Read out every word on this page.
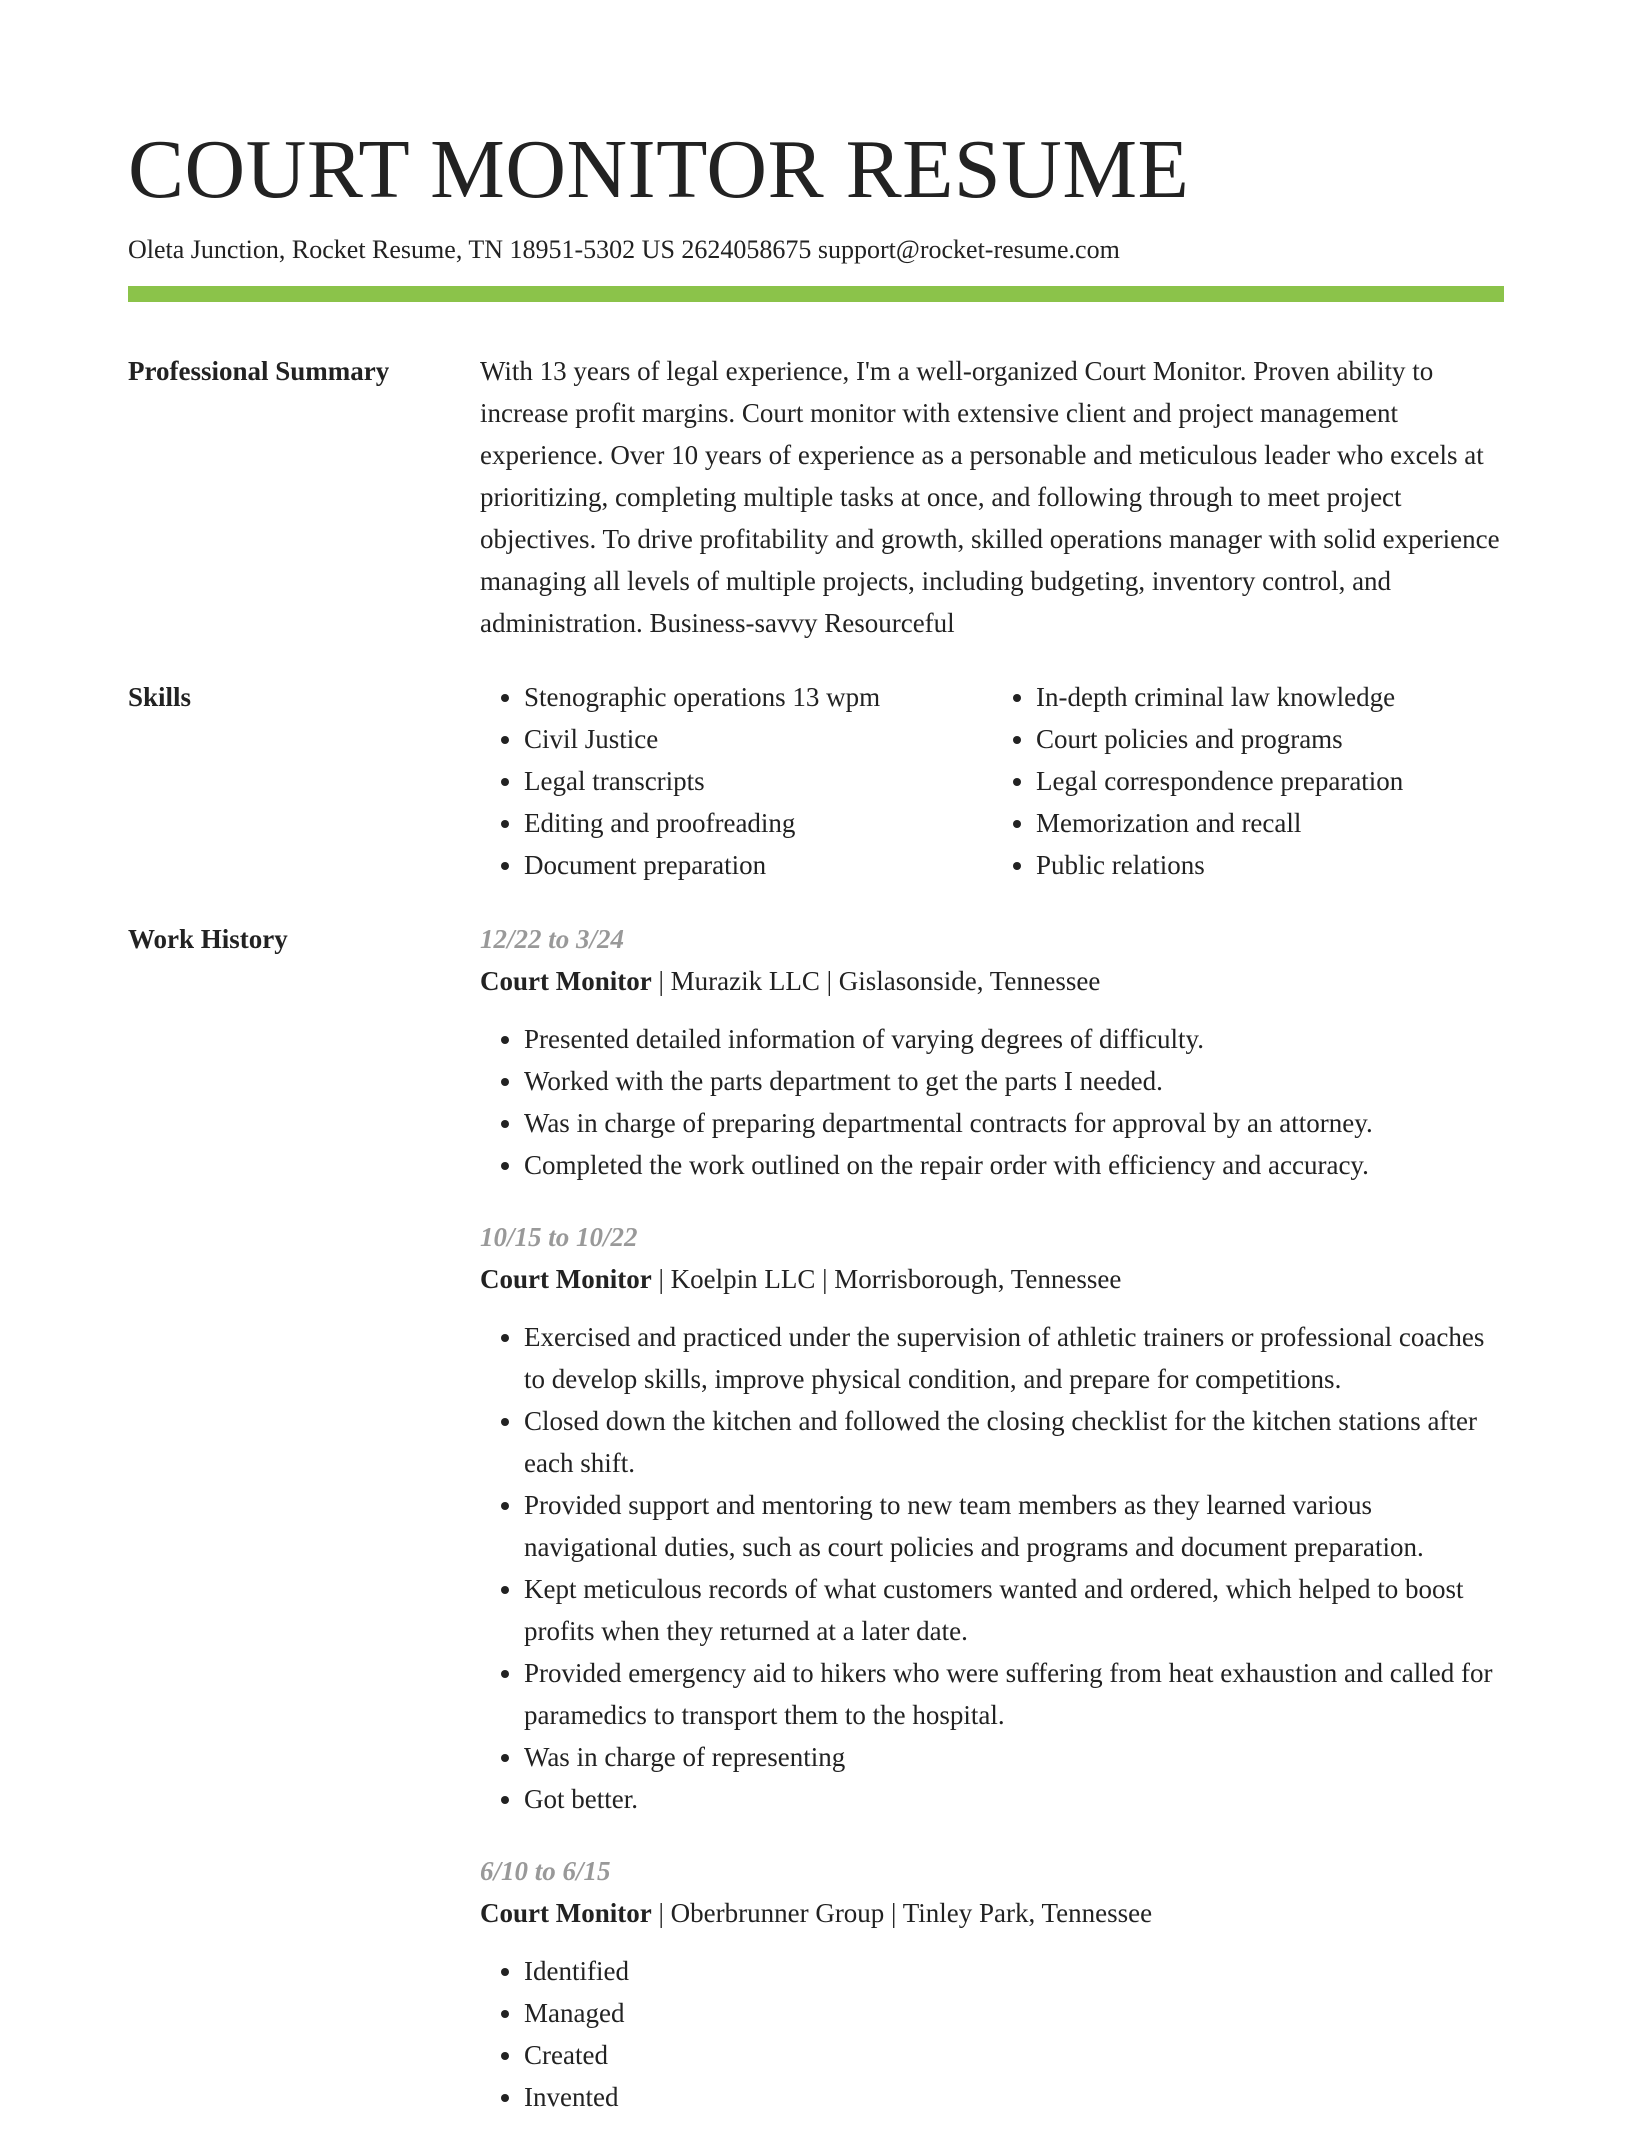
COURT MONITOR RESUME
Oleta Junction, Rocket Resume, TN 18951-5302 US 2624058675 support@rocket-resume.com
Professional Summary	With 13 years of legal experience, I'm a well-organized Court Monitor. Proven ability to increase profit margins. Court monitor with extensive client and project management experience. Over 10 years of experience as a personable and meticulous leader who excels at prioritizing, completing multiple tasks at once, and following through to meet project objectives. To drive profitability and growth, skilled operations manager with solid experience managing all levels of multiple projects, including budgeting, inventory control, and administration. Business-savvy Resourceful

Skills
•	Stenographic operations 13 wpm
• Civil Justice
• Legal transcripts
• Editing and proofreading
• Document preparation
• In-depth criminal law knowledge
• Court policies and programs
• Legal correspondence preparation
• Memorization and recall
• Public relations
Work History	12/22 to 3/24
Court Monitor | Murazik LLC | Gislasonside, Tennessee
• Presented detailed information of varying degrees of difficulty.
• Worked with the parts department to get the parts I needed.
• Was in charge of preparing departmental contracts for approval by an attorney.
• Completed the work outlined on the repair order with efficiency and accuracy.
10/15 to 10/22
Court Monitor | Koelpin LLC | Morrisborough, Tennessee
• Exercised and practiced under the supervision of athletic trainers or professional coaches to develop skills, improve physical condition, and prepare for competitions.
• Closed down the kitchen and followed the closing checklist for the kitchen stations after each shift.
• Provided support and mentoring to new team members as they learned various navigational duties, such as court policies and programs and document preparation.
• Kept meticulous records of what customers wanted and ordered, which helped to boost profits when they returned at a later date.
• Provided emergency aid to hikers who were suffering from heat exhaustion and called for paramedics to transport them to the hospital.
• Was in charge of representing
• Got better.
6/10 to 6/15
Court Monitor | Oberbrunner Group | Tinley Park, Tennessee
• Identified
• Managed
• Created
• Invented
